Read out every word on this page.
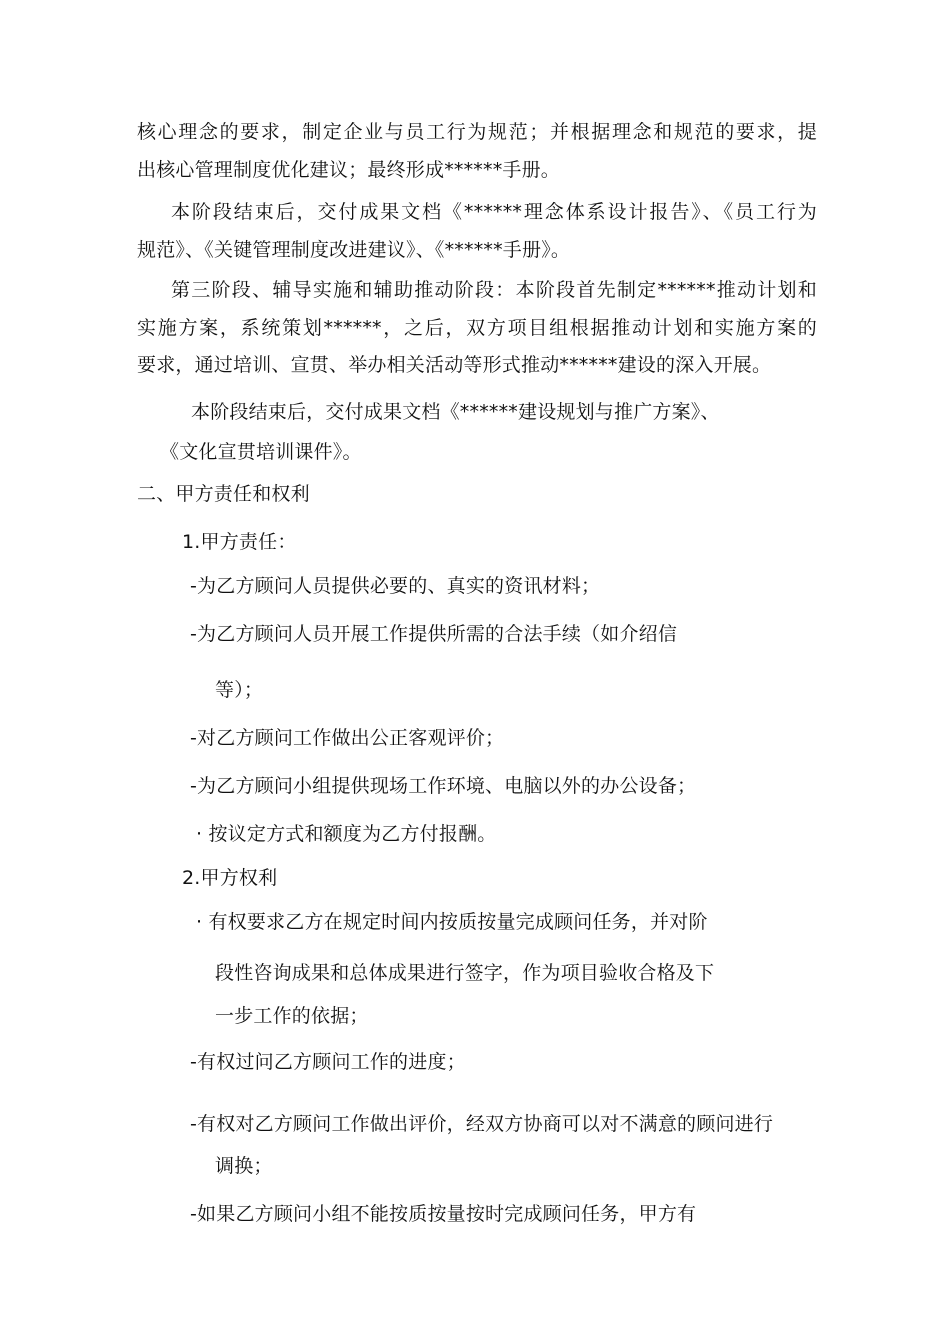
核心理念的要求，制定企业与员工行为规范；并根据理念和规范的要求，提
出核心管理制度优化建议；最终形成******手册。
本阶段结束后，交付成果文档《******理念体系设计报告》、《员工行为
规范》、《关键管理制度改进建议》、《******手册》。
第三阶段、辅导实施和辅助推动阶段：本阶段首先制定******推动计划和
实施方案，系统策划******，之后，双方项目组根据推动计划和实施方案的
要求，通过培训、宣贯、举办相关活动等形式推动******建设的深入开展。
本阶段结束后，交付成果文档《******建设规划与推广方案》、
《文化宣贯培训课件》。
二、甲方责任和权利
1.甲方责任：
-为乙方顾问人员提供必要的、真实的资讯材料；
-为乙方顾问人员开展工作提供所需的合法手续（如介绍信
等）；
-对乙方顾问工作做出公正客观评价；
-为乙方顾问小组提供现场工作环境、电脑以外的办公设备；
· 按议定方式和额度为乙方付报酬。
2.甲方权利
· 有权要求乙方在规定时间内按质按量完成顾问任务，并对阶
段性咨询成果和总体成果进行签字，作为项目验收合格及下
一步工作的依据；
-有权过问乙方顾问工作的进度；
-有权对乙方顾问工作做出评价，经双方协商可以对不满意的顾问进行
调换；
-如果乙方顾问小组不能按质按量按时完成顾问任务，甲方有
